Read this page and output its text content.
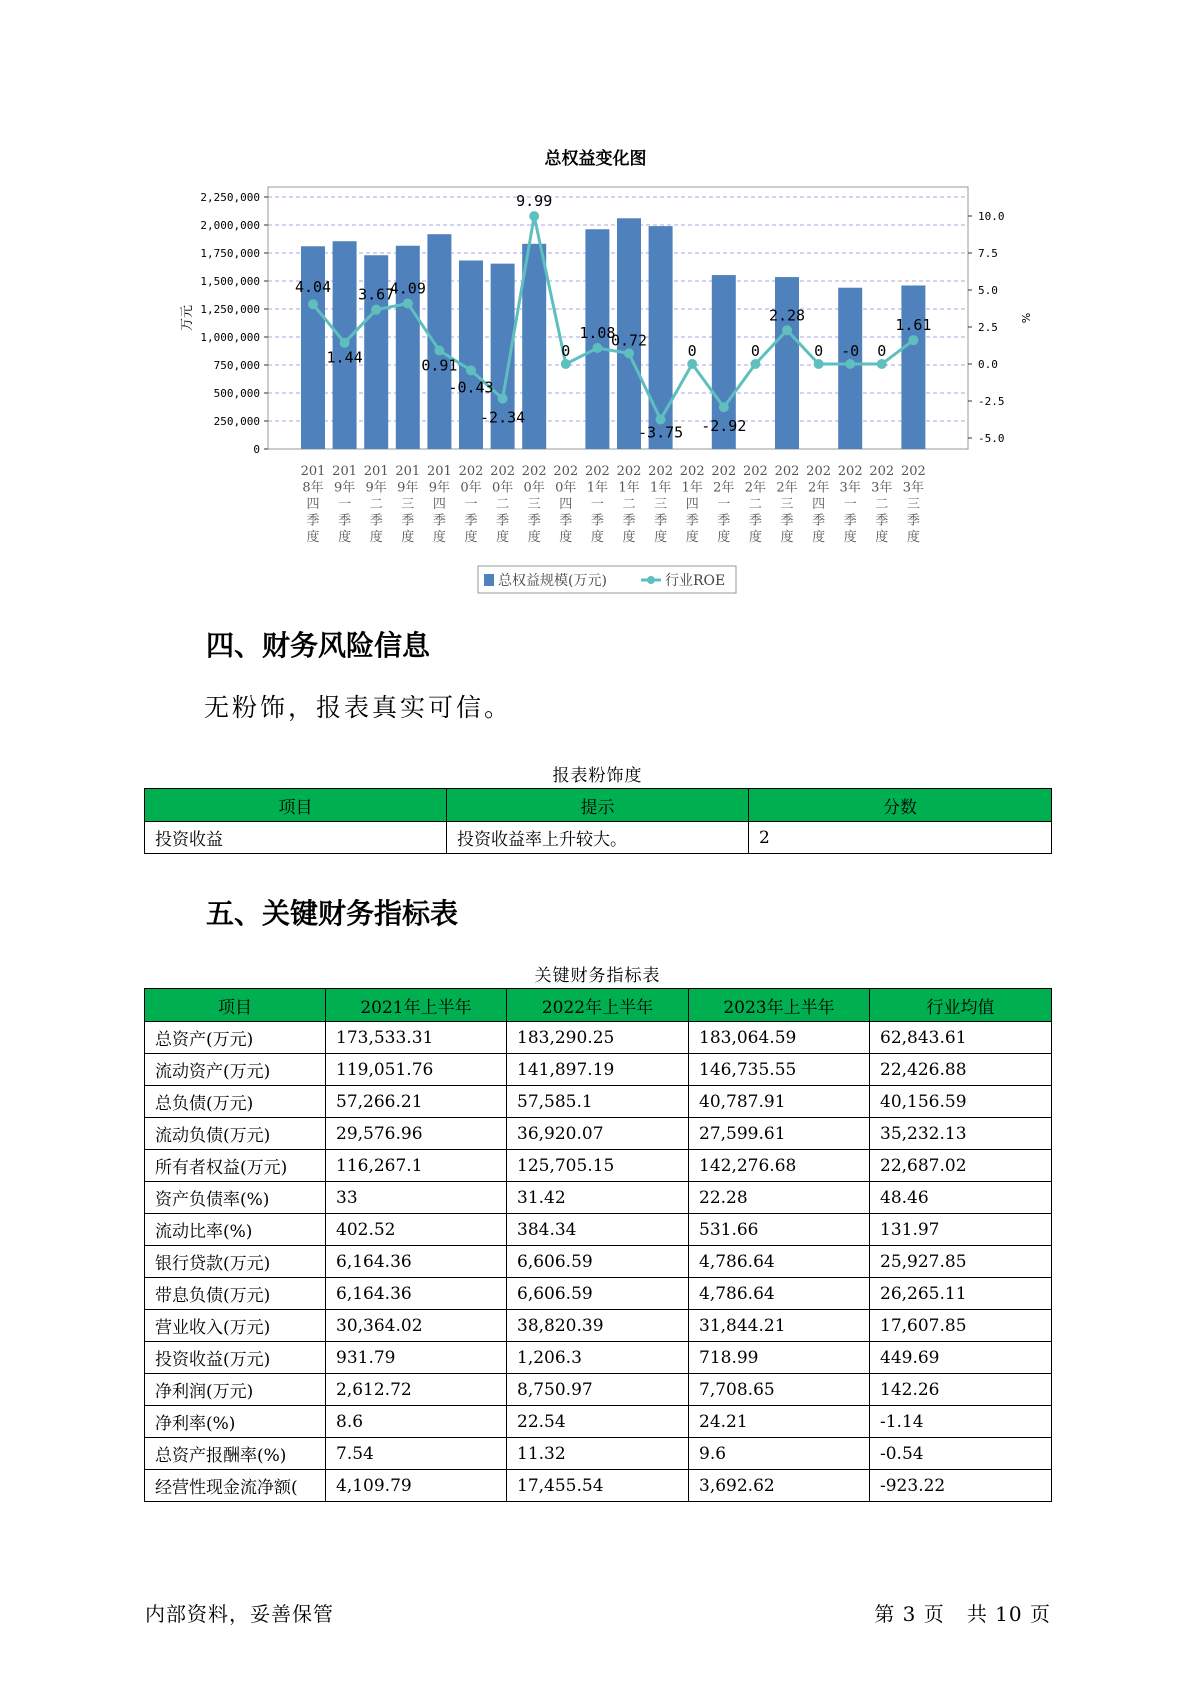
总权益变化图
0
250,000
500,000
750,000
1,000,000
1,250,000
1,500,000
1,750,000
2,000,000
2,250,000
-5.0
-2.5
0.0
2.5
5.0
7.5
10.0
万元	%
201
8年
四
季
度
201
9年
一
季
度
201
9年
二
季
度
201
9年
三
季
度
201
9年
四
季
度
202
0年
一
季
度
202
0年
二
季
度
202
0年
三
季
度
202
0年
四
季
度
202
1年
一
季
度
202
1年
二
季
度
202
1年
三
季
度
202
1年
四
季
度
202
2年
一
季
度
202
2年
二
季
度
202
2年
三
季
度
202
2年
四
季
度
202
3年
一
季
度
202
3年
二
季
度
202
3年
三
季
度
4.04
1.44
3.67
4.09
0.91
-0.43
-2.34
9.99
0
1.08
0.72
-3.75
0
-2.92
0
2.28
0 -0 0
1.61
总权益规模(万元)	行业ROE
四、财务风险信息
无粉饰，报表真实可信。
报表粉饰度
项目	提示	分数
投资收益	投资收益率上升较大。	2
五、关键财务指标表
关键财务指标表
项目	2021年上半年	2022年上半年	2023年上半年	行业均值
总资产(万元)	173,533.31	183,290.25	183,064.59	62,843.61
流动资产(万元)	119,051.76	141,897.19	146,735.55	22,426.88
总负债(万元)	57,266.21	57,585.1	40,787.91	40,156.59
流动负债(万元)	29,576.96	36,920.07	27,599.61	35,232.13
所有者权益(万元)	116,267.1	125,705.15	142,276.68	22,687.02
资产负债率(%)	33	31.42	22.28	48.46
流动比率(%)	402.52	384.34	531.66	131.97
银行贷款(万元)	6,164.36	6,606.59	4,786.64	25,927.85
带息负债(万元)	6,164.36	6,606.59	4,786.64	26,265.11
营业收入(万元)	30,364.02	38,820.39	31,844.21	17,607.85
投资收益(万元)	931.79	1,206.3	718.99	449.69
净利润(万元)	2,612.72	8,750.97	7,708.65	142.26
净利率(%)	8.6	22.54	24.21	-1.14
总资产报酬率(%)	7.54	11.32	9.6	-0.54
经营性现金流净额(	4,109.79	17,455.54	3,692.62	-923.22
内部资料，妥善保管	第 3 页   共 10 页
